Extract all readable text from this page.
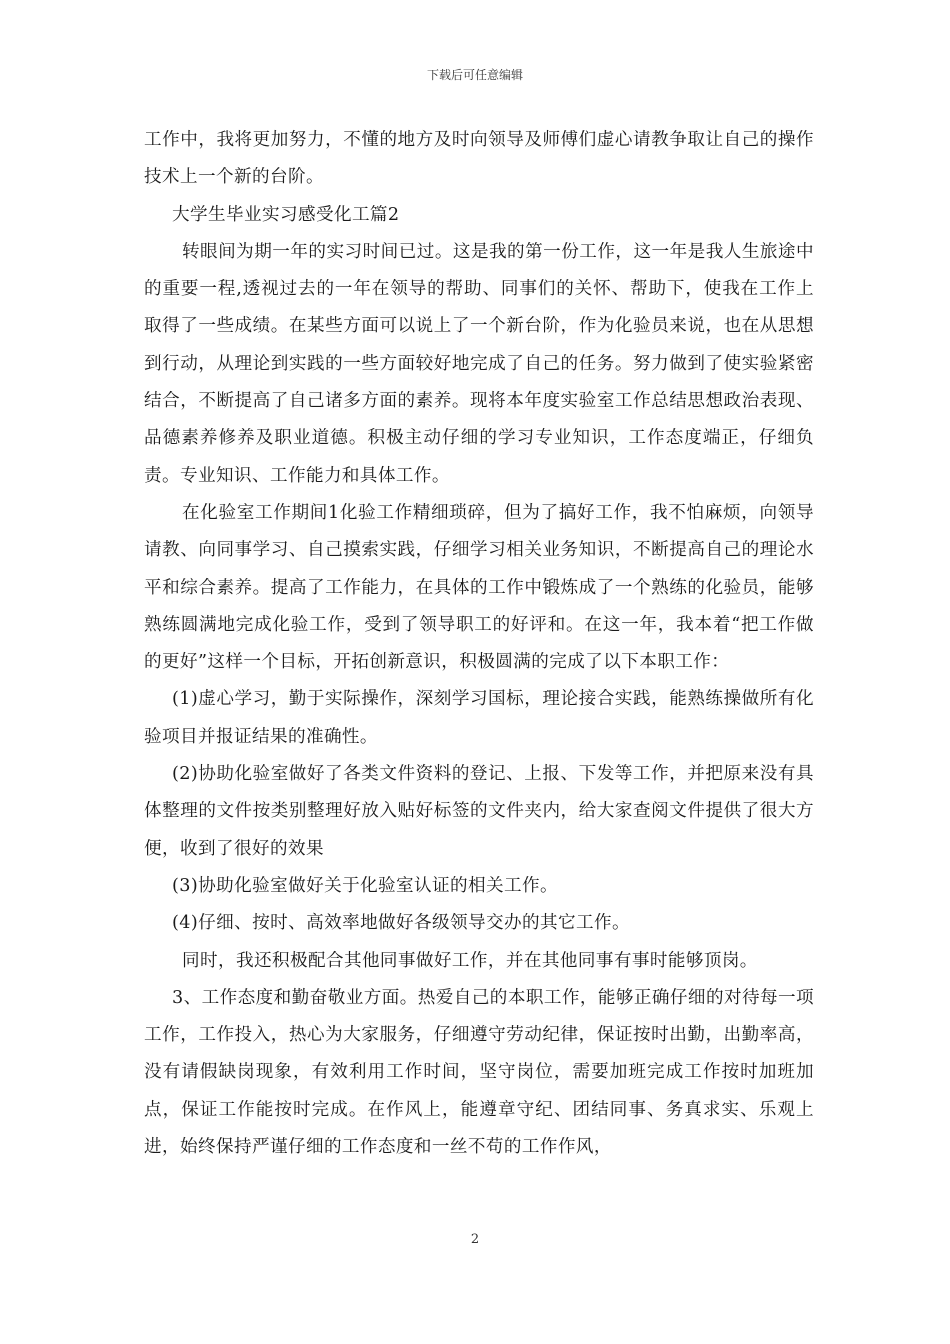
下载后可任意编辑

工作中，我将更加努力，不懂的地方及时向领导及师傅们虚心请教争取让自己的操作技术上一个新的台阶。

大学生毕业实习感受化工篇2

转眼间为期一年的实习时间已过。这是我的第一份工作，这一年是我人生旅途中的重要一程,透视过去的一年在领导的帮助、同事们的关怀、帮助下，使我在工作上取得了一些成绩。在某些方面可以说上了一个新台阶，作为化验员来说，也在从思想到行动，从理论到实践的一些方面较好地完成了自己的任务。努力做到了使实验紧密结合，不断提高了自己诸多方面的素养。现将本年度实验室工作总结思想政治表现、品德素养修养及职业道德。积极主动仔细的学习专业知识，工作态度端正，仔细负责。专业知识、工作能力和具体工作。

在化验室工作期间1化验工作精细琐碎，但为了搞好工作，我不怕麻烦，向领导请教、向同事学习、自己摸索实践，仔细学习相关业务知识，不断提高自己的理论水平和综合素养。提高了工作能力，在具体的工作中锻炼成了一个熟练的化验员，能够熟练圆满地完成化验工作，受到了领导职工的好评和。在这一年，我本着“把工作做的更好”这样一个目标，开拓创新意识，积极圆满的完成了以下本职工作：

(1)虚心学习，勤于实际操作，深刻学习国标，理论接合实践，能熟练操做所有化验项目并报证结果的准确性。

(2)协助化验室做好了各类文件资料的登记、上报、下发等工作，并把原来没有具体整理的文件按类别整理好放入贴好标签的文件夹内，给大家查阅文件提供了很大方便，收到了很好的效果

(3)协助化验室做好关于化验室认证的相关工作。

(4)仔细、按时、高效率地做好各级领导交办的其它工作。

同时，我还积极配合其他同事做好工作，并在其他同事有事时能够顶岗。

3、工作态度和勤奋敬业方面。热爱自己的本职工作，能够正确仔细的对待每一项工作，工作投入，热心为大家服务，仔细遵守劳动纪律，保证按时出勤，出勤率高，没有请假缺岗现象，有效利用工作时间，坚守岗位，需要加班完成工作按时加班加点，保证工作能按时完成。在作风上，能遵章守纪、团结同事、务真求实、乐观上进，始终保持严谨仔细的工作态度和一丝不苟的工作作风，

2
